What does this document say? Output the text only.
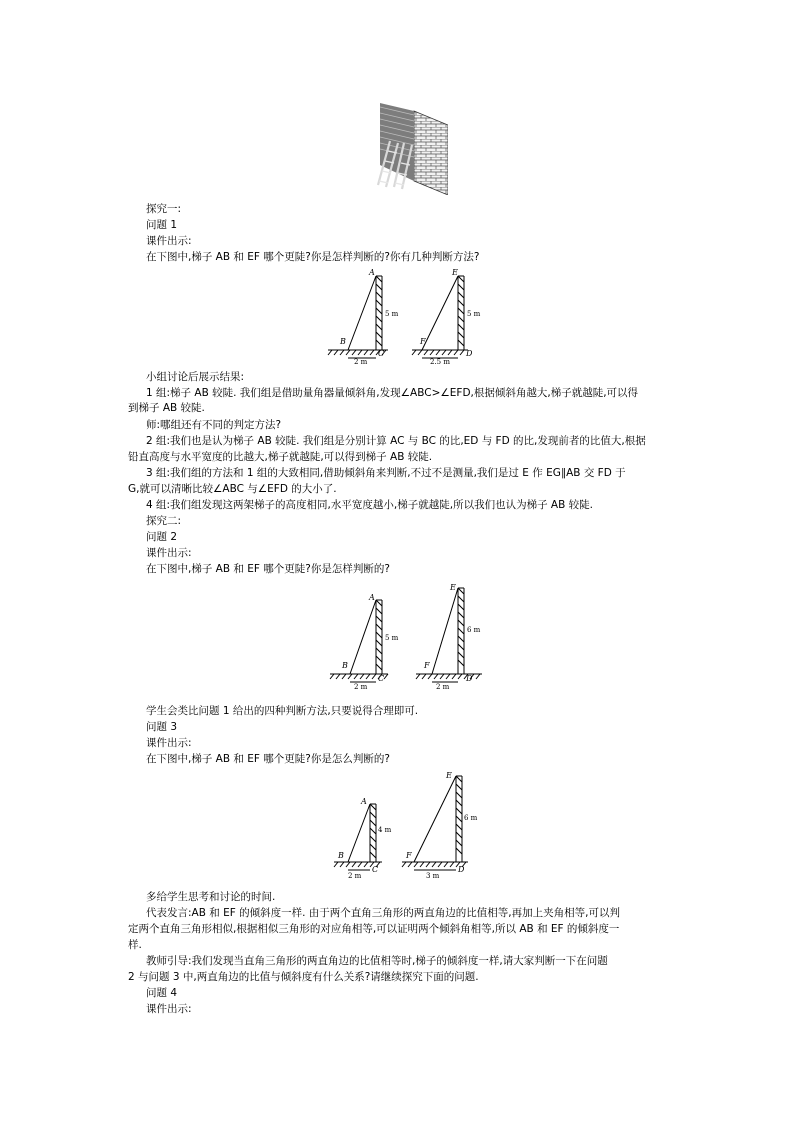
探究一:
问题 1
课件出示:
在下图中,梯子 AB 和 EF 哪个更陡?你是怎样判断的?你有几种判断方法?
A
B
C
5 m
2 m
E
F
D
5 m
2.5 m
小组讨论后展示结果:
1 组:梯子 AB 较陡. 我们组是借助量角器量倾斜角,发现∠ABC>∠EFD,根据倾斜角越大,梯子就越陡,可以得
到梯子 AB 较陡.
师:哪组还有不同的判定方法?
2 组:我们也是认为梯子 AB 较陡. 我们组是分别计算 AC 与 BC 的比,ED 与 FD 的比,发现前者的比值大,根据
铅直高度与水平宽度的比越大,梯子就越陡,可以得到梯子 AB 较陡.
3 组:我们组的方法和 1 组的大致相同,借助倾斜角来判断,不过不是测量,我们是过 E 作 EG∥AB 交 FD 于
G,就可以清晰比较∠ABC 与∠EFD 的大小了.
4 组:我们组发现这两架梯子的高度相同,水平宽度越小,梯子就越陡,所以我们也认为梯子 AB 较陡.
探究二:
问题 2
课件出示:
在下图中,梯子 AB 和 EF 哪个更陡?你是怎样判断的?
A
B
C
5 m
2 m
E
F
D
6 m
2 m
学生会类比问题 1 给出的四种判断方法,只要说得合理即可.
问题 3
课件出示:
在下图中,梯子 AB 和 EF 哪个更陡?你是怎么判断的?
A
B
C
4 m
2 m
E
F
D
6 m
3 m
多给学生思考和讨论的时间.
代表发言:AB 和 EF 的倾斜度一样. 由于两个直角三角形的两直角边的比值相等,再加上夹角相等,可以判
定两个直角三角形相似,根据相似三角形的对应角相等,可以证明两个倾斜角相等,所以 AB 和 EF 的倾斜度一
样.
教师引导:我们发现当直角三角形的两直角边的比值相等时,梯子的倾斜度一样,请大家判断一下在问题
2 与问题 3 中,两直角边的比值与倾斜度有什么关系?请继续探究下面的问题.
问题 4
课件出示:
